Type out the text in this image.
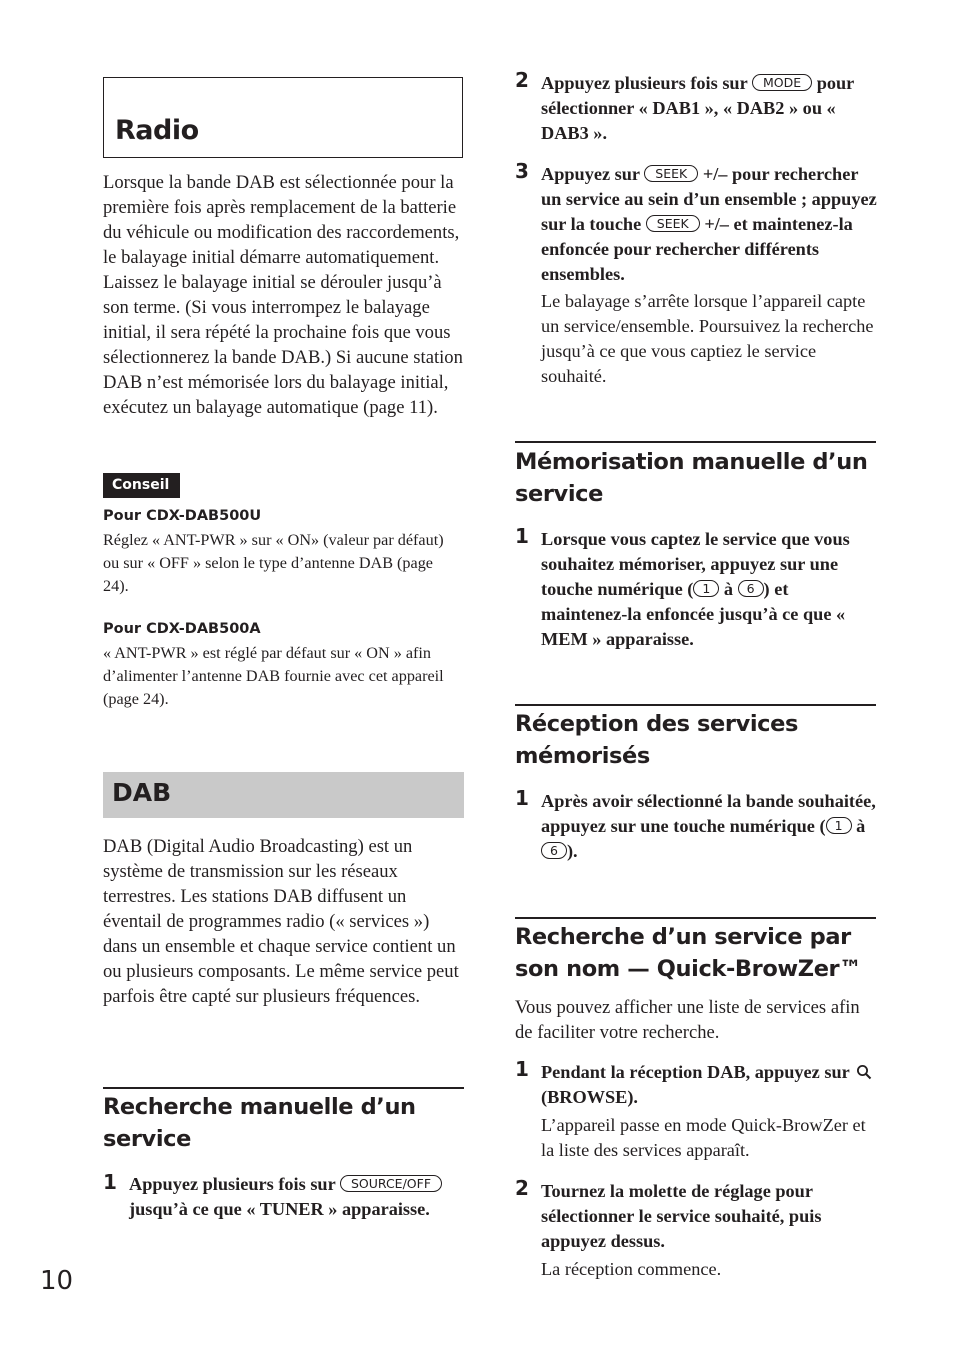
Radio

Lorsque la bande DAB est sélectionnée pour la première fois après remplacement de la batterie du véhicule ou modification des raccordements, le balayage initial démarre automatiquement. Laissez le balayage initial se dérouler jusqu’à son terme. (Si vous interrompez le balayage initial, il sera répété la prochaine fois que vous sélectionnerez la bande DAB.) Si aucune station DAB n’est mémorisée lors du balayage initial, exécutez un balayage automatique (page 11).

Conseil
Pour CDX-DAB500U

Réglez « ANT-PWR » sur « ON» (valeur par défaut) ou sur « OFF » selon le type d’antenne DAB (page 24).

Pour CDX-DAB500A

« ANT-PWR » est réglé par défaut sur « ON » afin d’alimenter l’antenne DAB fournie avec cet appareil (page 24).

DAB

DAB (Digital Audio Broadcasting) est un système de transmission sur les réseaux terrestres. Les stations DAB diffusent un éventail de programmes radio (« services ») dans un ensemble et chaque service contient un ou plusieurs composants. Le même service peut parfois être capté sur plusieurs fréquences.

Recherche manuelle d’un service
1 Appuyez plusieurs fois sur SOURCE/OFF jusqu’à ce que « TUNER » apparaisse.
10
2 Appuyez plusieurs fois sur MODE pour sélectionner « DAB1 », « DAB2 » ou « DAB3 ».
3 Appuyez sur SEEK +/– pour rechercher un service au sein d’un ensemble ; appuyez sur la touche SEEK +/– et maintenez-la enfoncée pour rechercher différents ensembles.

Le balayage s’arrête lorsque l’appareil capte un service/ensemble. Poursuivez la recherche jusqu’à ce que vous captiez le service souhaité.

Mémorisation manuelle d’un service
1 Lorsque vous captez le service que vous souhaitez mémoriser, appuyez sur une touche numérique ( 1 à 6 ) et maintenez-la enfoncée jusqu’à ce que « MEM » apparaisse.
Réception des services mémorisés
1 Après avoir sélectionné la bande souhaitée, appuyez sur une touche numérique ( 1 à 6 ).
Recherche d’un service par son nom — Quick-BrowZer™

Vous pouvez afficher une liste de services afin de faciliter votre recherche.

1 Pendant la réception DAB, appuyez sur (BROWSE).

L’appareil passe en mode Quick-BrowZer et la liste des services apparaît.

2 Tournez la molette de réglage pour sélectionner le service souhaité, puis appuyez dessus.

La réception commence.
